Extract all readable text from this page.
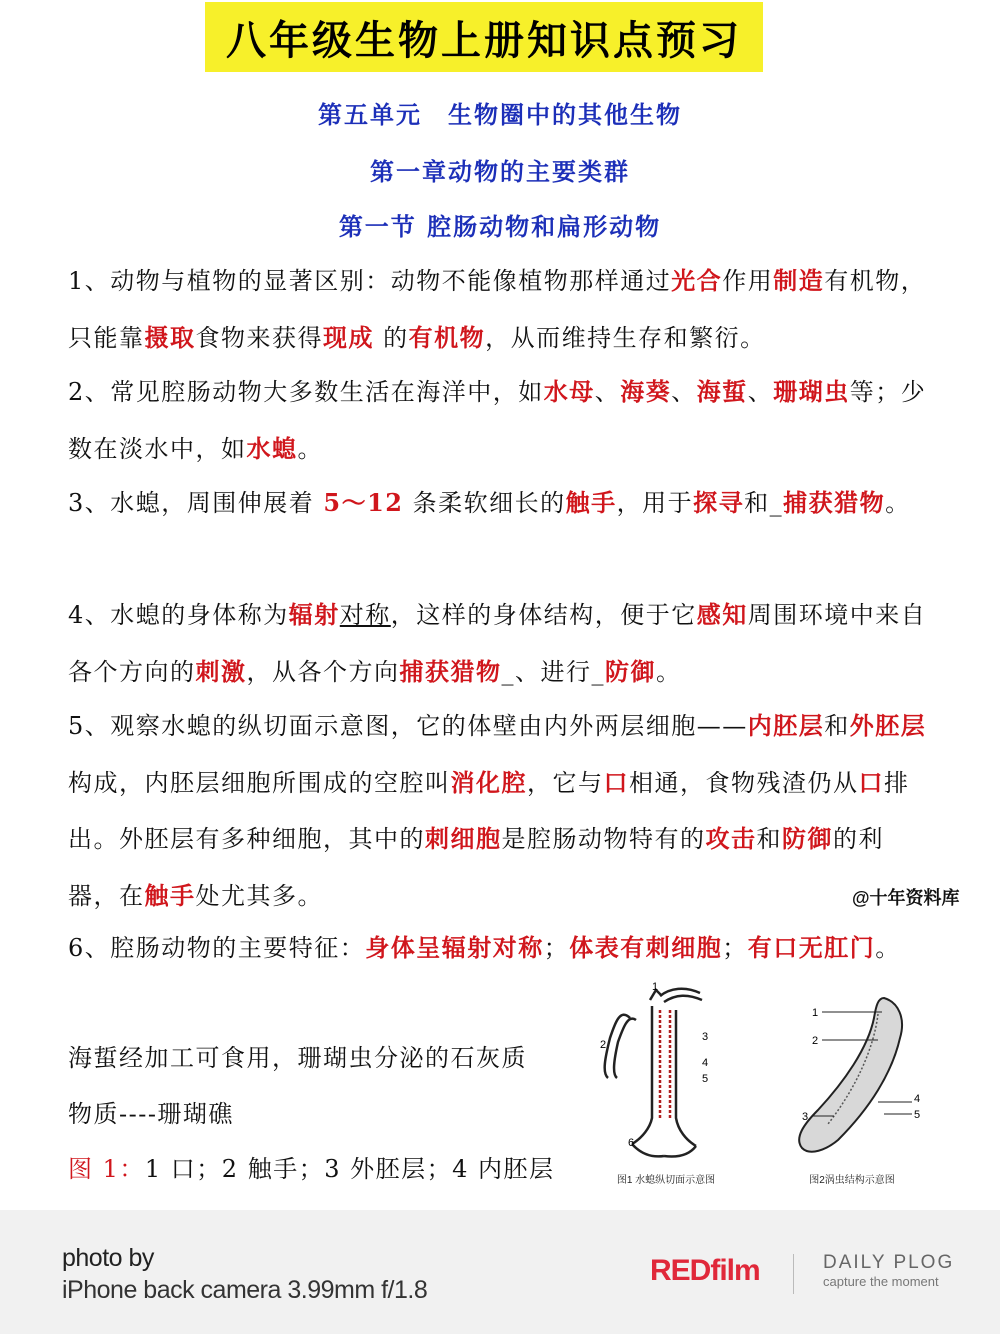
八年级生物上册知识点预习
第五单元　生物圈中的其他生物
第一章动物的主要类群
第一节 腔肠动物和扁形动物

1、动物与植物的显著区别：动物不能像植物那样通过光合作用制造有机物，只能靠摄取食物来获得现成 的有机物，从而维持生存和繁衍。

2、常见腔肠动物大多数生活在海洋中，如水母、海葵、海蜇、珊瑚虫等；少数在淡水中，如水螅。

3、水螅，周围伸展着 5～12 条柔软细长的触手，用于探寻和_捕获猎物。

4、水螅的身体称为辐射对称，这样的身体结构，便于它感知周围环境中来自各个方向的刺激，从各个方向捕获猎物_、进行_防御。

5、观察水螅的纵切面示意图，它的体壁由内外两层细胞——内胚层和外胚层构成，内胚层细胞所围成的空腔叫消化腔，它与口相通，食物残渣仍从口排出。外胚层有多种细胞，其中的刺细胞是腔肠动物特有的攻击和防御的利器，在触手处尤其多。	@十年资料库

6、腔肠动物的主要特征：身体呈辐射对称；体表有刺细胞；有口无肛门。

海蜇经加工可食用，珊瑚虫分泌的石灰质
物质----珊瑚礁
图 1：1 口；2 触手；3 外胚层；4 内胚层
1
2
3
4
5
6
图1 水螅纵切面示意图
1
2
3
4
5
图2涡虫结构示意图
photo by
iPhone back camera 3.99mm f/1.8
REDfilm	DAILY PLOG
capture the moment
